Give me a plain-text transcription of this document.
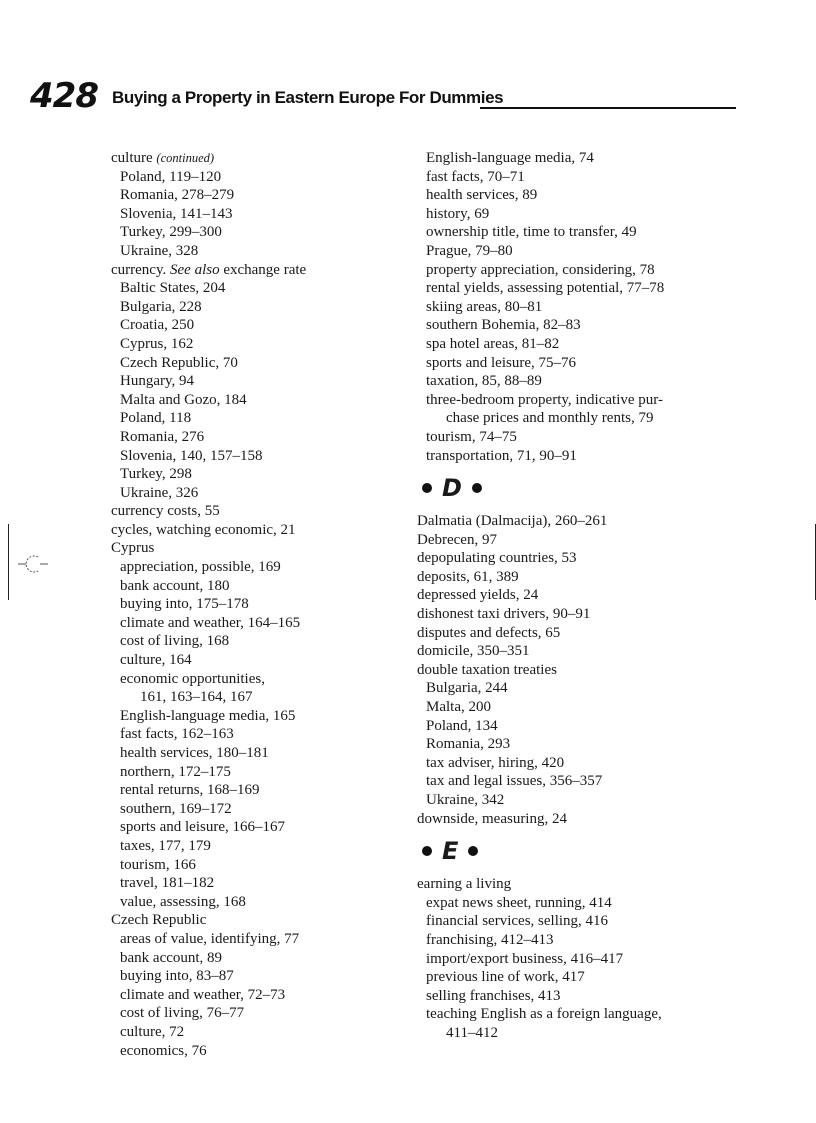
428 Buying a Property in Eastern Europe For Dummies
culture (continued)
Poland, 119–120
Romania, 278–279
Slovenia, 141–143
Turkey, 299–300
Ukraine, 328
currency. See also exchange rate
Baltic States, 204
Bulgaria, 228
Croatia, 250
Cyprus, 162
Czech Republic, 70
Hungary, 94
Malta and Gozo, 184
Poland, 118
Romania, 276
Slovenia, 140, 157–158
Turkey, 298
Ukraine, 326
currency costs, 55
cycles, watching economic, 21
Cyprus
appreciation, possible, 169
bank account, 180
buying into, 175–178
climate and weather, 164–165
cost of living, 168
culture, 164
economic opportunities,
161, 163–164, 167
English-language media, 165
fast facts, 162–163
health services, 180–181
northern, 172–175
rental returns, 168–169
southern, 169–172
sports and leisure, 166–167
taxes, 177, 179
tourism, 166
travel, 181–182
value, assessing, 168
Czech Republic
areas of value, identifying, 77
bank account, 89
buying into, 83–87
climate and weather, 72–73
cost of living, 76–77
culture, 72
economics, 76
English-language media, 74
fast facts, 70–71
health services, 89
history, 69
ownership title, time to transfer, 49
Prague, 79–80
property appreciation, considering, 78
rental yields, assessing potential, 77–78
skiing areas, 80–81
southern Bohemia, 82–83
spa hotel areas, 81–82
sports and leisure, 75–76
taxation, 85, 88–89
three-bedroom property, indicative pur-
chase prices and monthly rents, 79
tourism, 74–75
transportation, 71, 90–91
D
Dalmatia (Dalmacija), 260–261
Debrecen, 97
depopulating countries, 53
deposits, 61, 389
depressed yields, 24
dishonest taxi drivers, 90–91
disputes and defects, 65
domicile, 350–351
double taxation treaties
Bulgaria, 244
Malta, 200
Poland, 134
Romania, 293
tax adviser, hiring, 420
tax and legal issues, 356–357
Ukraine, 342
downside, measuring, 24
E
earning a living
expat news sheet, running, 414
financial services, selling, 416
franchising, 412–413
import/export business, 416–417
previous line of work, 417
selling franchises, 413
teaching English as a foreign language,
411–412
